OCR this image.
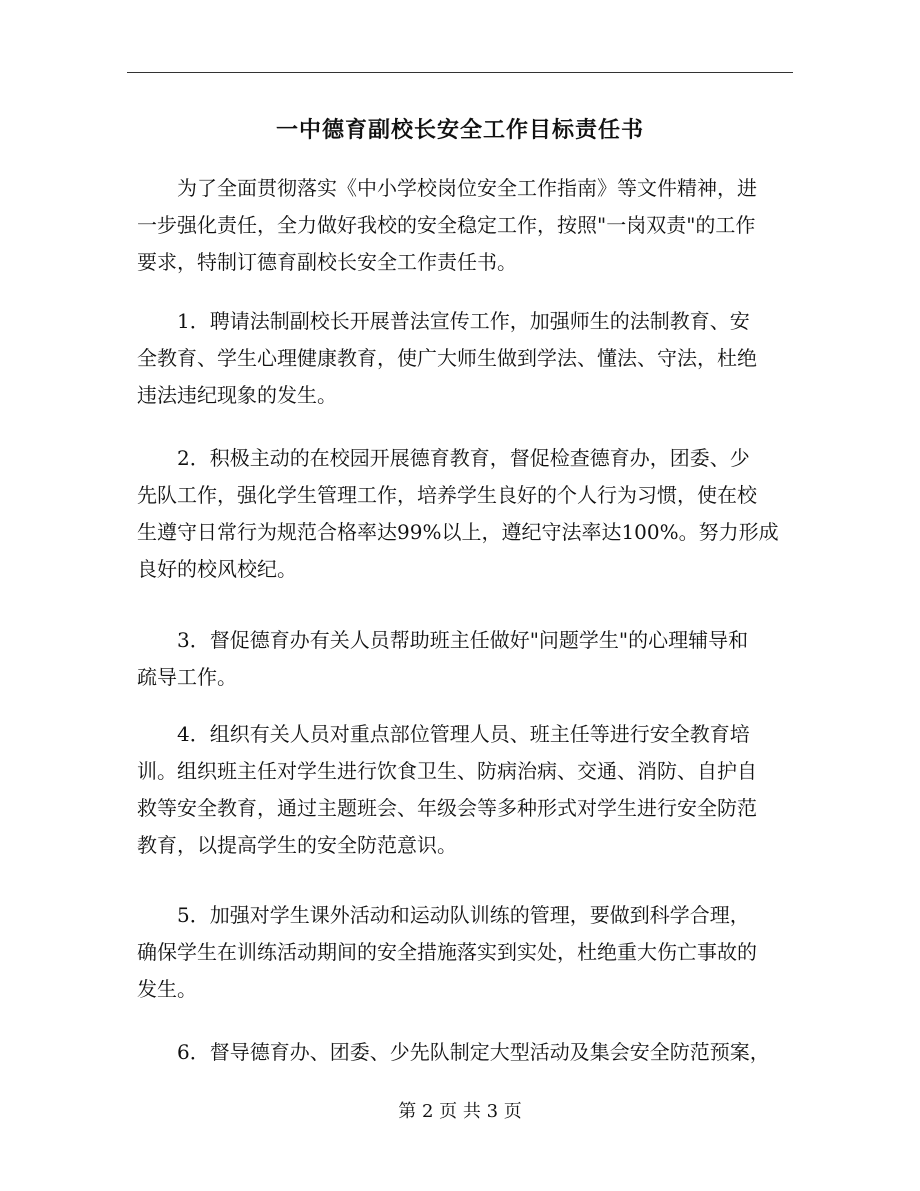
一中德育副校长安全工作目标责任书
　　为了全面贯彻落实《中小学校岗位安全工作指南》等文件精神，进
一步强化责任，全力做好我校的安全稳定工作，按照"一岗双责"的工作
要求，特制订德育副校长安全工作责任书。
　　1．聘请法制副校长开展普法宣传工作，加强师生的法制教育、安
全教育、学生心理健康教育，使广大师生做到学法、懂法、守法，杜绝
违法违纪现象的发生。
　　2．积极主动的在校园开展德育教育，督促检查德育办，团委、少
先队工作，强化学生管理工作，培养学生良好的个人行为习惯，使在校
生遵守日常行为规范合格率达99%以上，遵纪守法率达100%。努力形成
良好的校风校纪。
　　3．督促德育办有关人员帮助班主任做好"问题学生"的心理辅导和
疏导工作。
　　4．组织有关人员对重点部位管理人员、班主任等进行安全教育培
训。组织班主任对学生进行饮食卫生、防病治病、交通、消防、自护自
救等安全教育，通过主题班会、年级会等多种形式对学生进行安全防范
教育，以提高学生的安全防范意识。
　　5．加强对学生课外活动和运动队训练的管理，要做到科学合理，
确保学生在训练活动期间的安全措施落实到实处，杜绝重大伤亡事故的
发生。
　　6．督导德育办、团委、少先队制定大型活动及集会安全防范预案，
第 2 页 共 3 页
